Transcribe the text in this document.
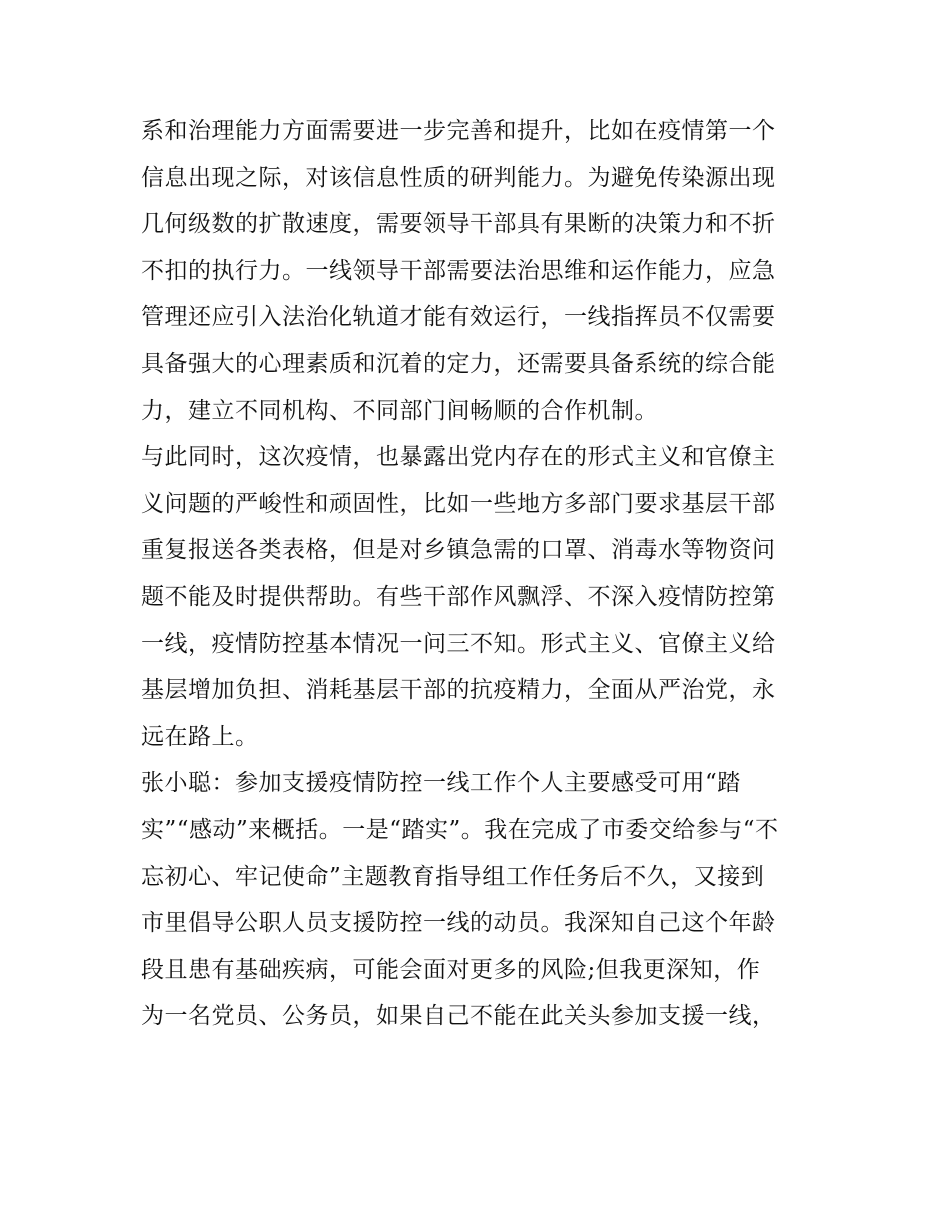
系和治理能力方面需要进一步完善和提升，比如在疫情第一个
信息出现之际，对该信息性质的研判能力。为避免传染源出现
几何级数的扩散速度，需要领导干部具有果断的决策力和不折
不扣的执行力。一线领导干部需要法治思维和运作能力，应急
管理还应引入法治化轨道才能有效运行，一线指挥员不仅需要
具备强大的心理素质和沉着的定力，还需要具备系统的综合能
力，建立不同机构、不同部门间畅顺的合作机制。
与此同时，这次疫情，也暴露出党内存在的形式主义和官僚主
义问题的严峻性和顽固性，比如一些地方多部门要求基层干部
重复报送各类表格，但是对乡镇急需的口罩、消毒水等物资问
题不能及时提供帮助。有些干部作风飘浮、不深入疫情防控第
一线，疫情防控基本情况一问三不知。形式主义、官僚主义给
基层增加负担、消耗基层干部的抗疫精力，全面从严治党，永
远在路上。
张小聪：参加支援疫情防控一线工作个人主要感受可用“踏
实”“感动”来概括。一是“踏实”。我在完成了市委交给参与“不
忘初心、牢记使命”主题教育指导组工作任务后不久，又接到
市里倡导公职人员支援防控一线的动员。我深知自己这个年龄
段且患有基础疾病，可能会面对更多的风险;但我更深知，作
为一名党员、公务员，如果自己不能在此关头参加支援一线，
